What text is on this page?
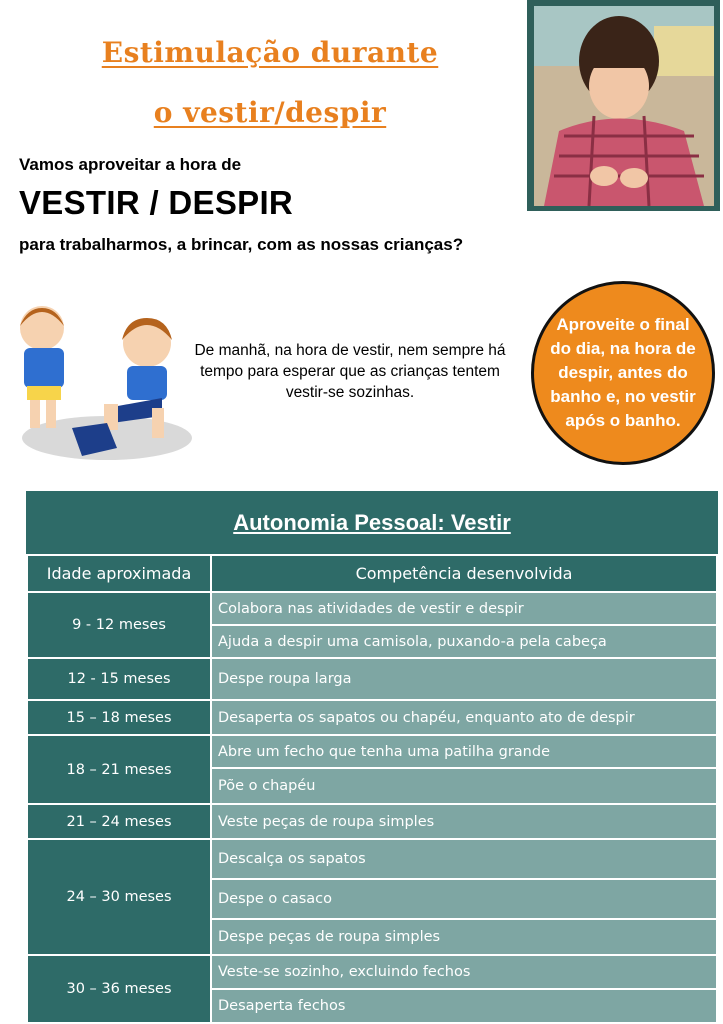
Estimulação durante
o vestir/despir
Vamos aproveitar a hora de
VESTIR / DESPIR
para trabalharmos, a brincar, com as nossas crianças?
De manhã, na hora de vestir, nem sempre há tempo para esperar que as crianças tentem vestir-se sozinhas.
Aproveite o final do dia, na hora de despir, antes do banho e, no vestir após o banho.
Autonomia Pessoal: Vestir
Idade aproximada	Competência desenvolvida
9 - 12 meses	Colabora nas atividades de vestir e despir
	Ajuda a despir uma camisola, puxando-a pela cabeça
12 - 15 meses	Despe roupa larga
15 – 18 meses	Desaperta os sapatos ou chapéu, enquanto ato de despir
18 – 21 meses	Abre um fecho que tenha uma patilha grande
	Põe o chapéu
21 – 24 meses	Veste peças de roupa simples
24 – 30 meses	Descalça os sapatos
	Despe o casaco
	Despe peças de roupa simples
30 – 36 meses	Veste-se sozinho, excluindo fechos
	Desaperta fechos
